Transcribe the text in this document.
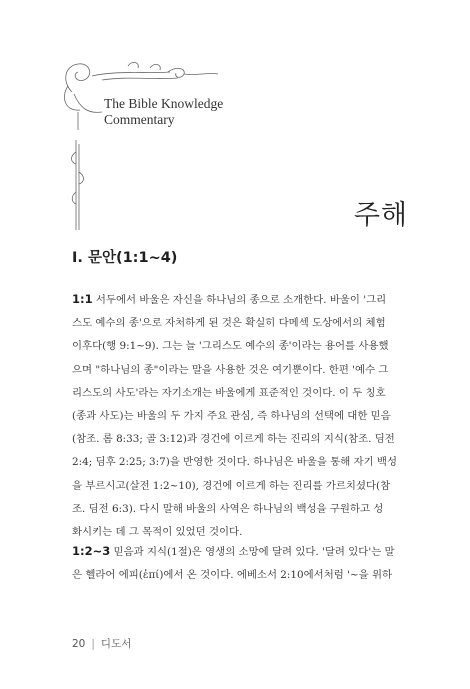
The Bible Knowledge
Commentary
주해
I. 문안(1:1~4)
1:1 서두에서 바울은 자신을 하나님의 종으로 소개한다. 바울이 '그리
스도 예수의 종'으로 자처하게 된 것은 확실히 다메섹 도상에서의 체험
이후다(행 9:1~9). 그는 늘 '그리스도 예수의 종'이라는 용어를 사용했
으며 "하나님의 종"이라는 말을 사용한 것은 여기뿐이다. 한편 '예수 그
리스도의 사도'라는 자기소개는 바울에게 표준적인 것이다. 이 두 칭호
(종과 사도)는 바울의 두 가지 주요 관심, 즉 하나님의 선택에 대한 믿음
(참조. 롬 8:33; 골 3:12)과 경건에 이르게 하는 진리의 지식(참조. 딤전
2:4; 딤후 2:25; 3:7)을 반영한 것이다. 하나님은 바울을 통해 자기 백성
을 부르시고(살전 1:2~10), 경건에 이르게 하는 진리를 가르치셨다(참
조. 딤전 6:3). 다시 말해 바울의 사역은 하나님의 백성을 구원하고 성
화시키는 데 그 목적이 있었던 것이다.
1:2~3 믿음과 지식(1절)은 영생의 소망에 달려 있다. '달려 있다'는 말
은 헬라어 에피(ἐπί)에서 온 것이다. 에베소서 2:10에서처럼 '~을 위하
20 | 디도서
